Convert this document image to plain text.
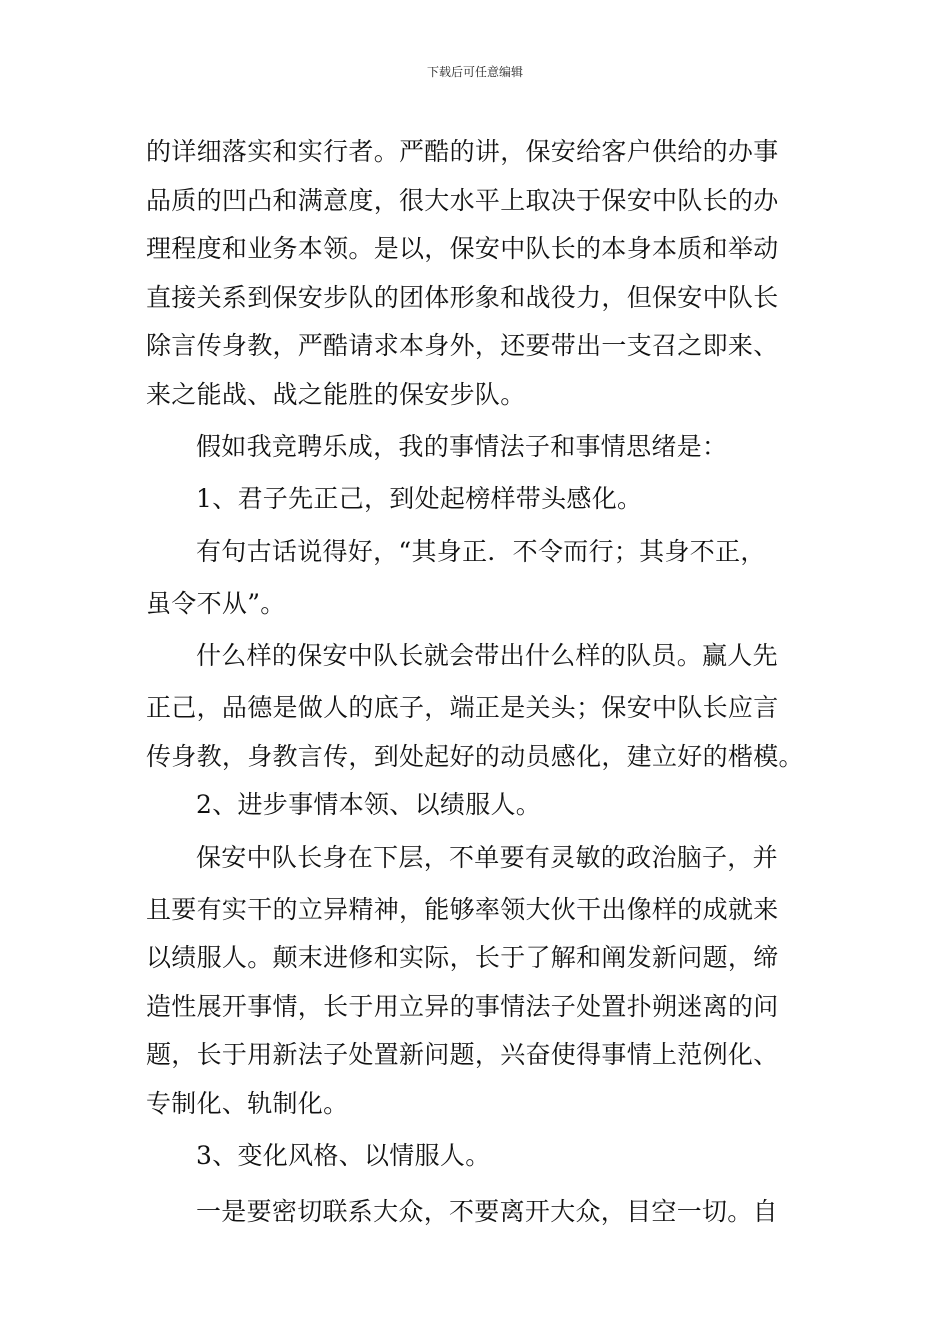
下载后可任意编辑
的详细落实和实行者。严酷的讲，保安给客户供给的办事
品质的凹凸和满意度，很大水平上取决于保安中队长的办
理程度和业务本领。是以，保安中队长的本身本质和举动
直接关系到保安步队的团体形象和战役力，但保安中队长
除言传身教，严酷请求本身外，还要带出一支召之即来、
来之能战、战之能胜的保安步队。
假如我竞聘乐成，我的事情法子和事情思绪是：
1、君子先正己，到处起榜样带头感化。
有句古话说得好，“其身正．不令而行；其身不正，
虽令不从”。
什么样的保安中队长就会带出什么样的队员。赢人先
正己，品德是做人的底子，端正是关头；保安中队长应言
传身教，身教言传，到处起好的动员感化，建立好的楷模。
2、进步事情本领、以绩服人。
保安中队长身在下层，不单要有灵敏的政治脑子，并
且要有实干的立异精神，能够率领大伙干出像样的成就来
以绩服人。颠末进修和实际，长于了解和阐发新问题，缔
造性展开事情，长于用立异的事情法子处置扑朔迷离的问
题，长于用新法子处置新问题，兴奋使得事情上范例化、
专制化、轨制化。
3、变化风格、以情服人。
一是要密切联系大众，不要离开大众，目空一切。自
